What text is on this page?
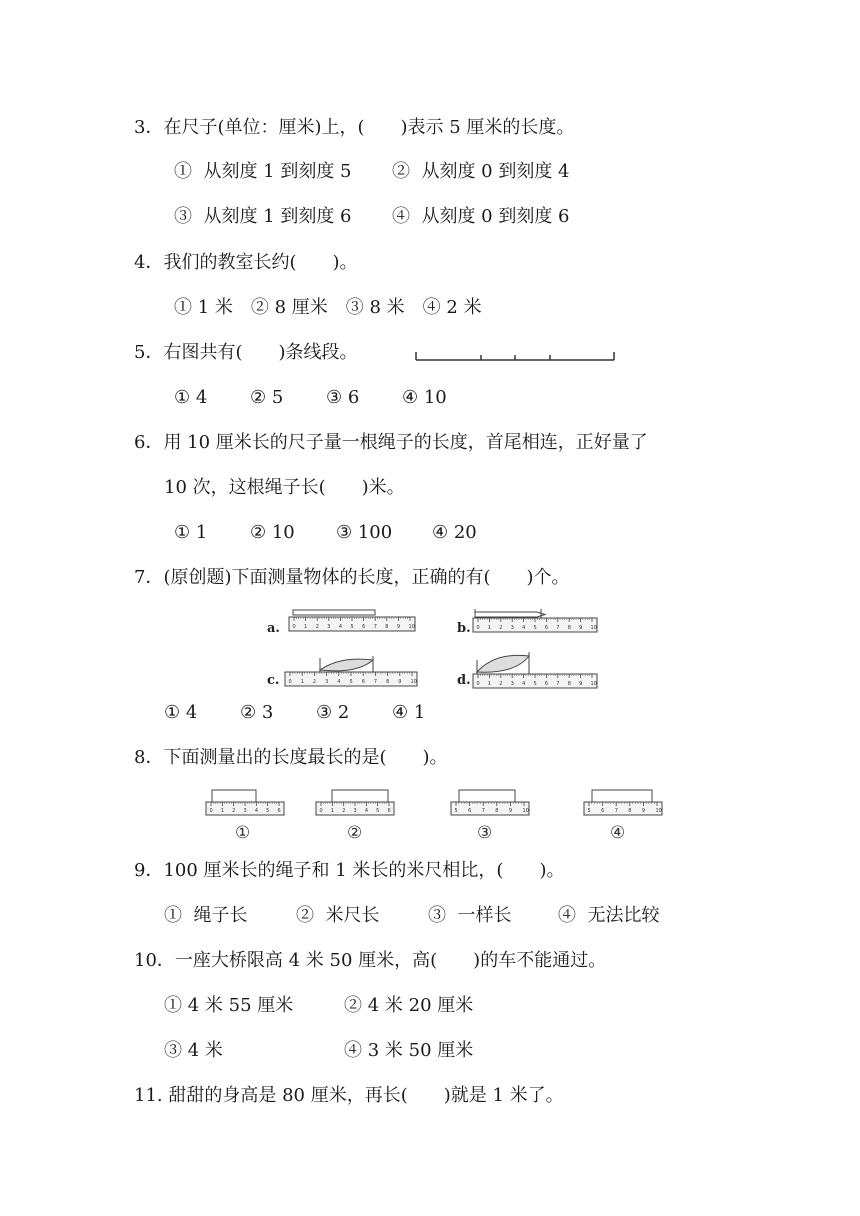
3．在尺子(单位：厘米)上，(　　)表示 5 厘米的长度。
①  从刻度 1 到刻度 5 ②  从刻度 0 到刻度 4
③  从刻度 1 到刻度 6 ④  从刻度 0 到刻度 6
4．我们的教室长约(　　)。
① 1 米　② 8 厘米　③ 8 米　④ 2 米
5．右图共有(　　)条线段。
① 4 ② 5 ③ 6 ④ 10
6．用 10 厘米长的尺子量一根绳子的长度，首尾相连，正好量了
10 次，这根绳子长(　　)米。
① 1 ② 10 ③ 100 ④ 20
7．(原创题)下面测量物体的长度，正确的有(　　)个。
a.	0 1 2 3 4 5 6 7 8 9 10	b. 0 1 2 3 4 5 6 7 8 9 10
c. 0 1 2 3 4 5 6 7 8 9 10	d. 0 1 2 3 4 5 6 7 8 9 10
① 4 ② 3 ③ 2 ④ 1
8．下面测量出的长度最长的是(　　)。
0 1 2 3 4 5 6
①
0 1 2 3 4 5 6
②
5 6 7 8 9 10
③
5 6 7 8 9 10
④
9．100 厘米长的绳子和 1 米长的米尺相比，(　　)。
①  绳子长	②  米尺长	③  一样长	④  无法比较
10．一座大桥限高 4 米 50 厘米，高(　　)的车不能通过。
① 4 米 55 厘米	② 4 米 20 厘米
③ 4 米	④ 3 米 50 厘米
11. 甜甜的身高是 80 厘米，再长(　　)就是 1 米了。
